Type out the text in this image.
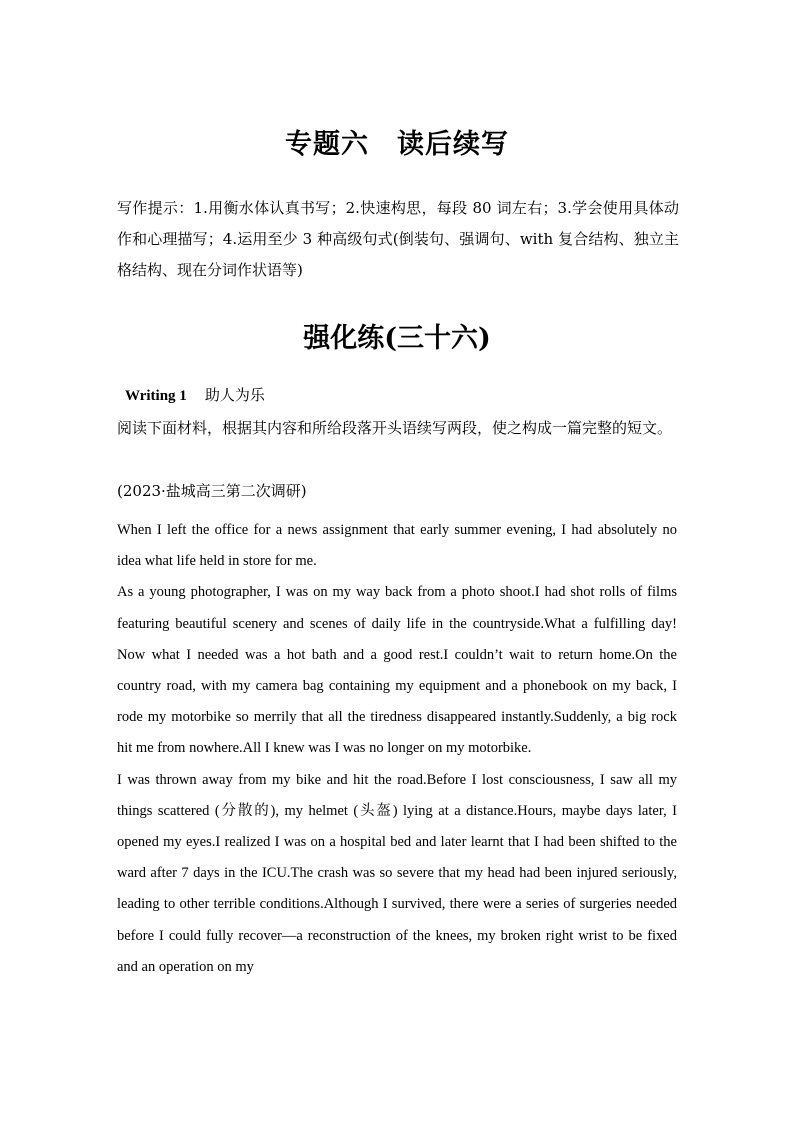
专题六　读后续写
写作提示：1.用衡水体认真书写；2.快速构思，每段 80 词左右；3.学会使用具体动作和心理描写；4.运用至少 3 种高级句式(倒装句、强调句、with 复合结构、独立主格结构、现在分词作状语等)
强化练(三十六)
Writing 1 助人为乐
阅读下面材料，根据其内容和所给段落开头语续写两段，使之构成一篇完整的短文。
(2023·盐城高三第二次调研)

When I left the office for a news assignment that early summer evening, I had absolutely no idea what life held in store for me.

As a young photographer, I was on my way back from a photo shoot.I had shot rolls of films featuring beautiful scenery and scenes of daily life in the countryside.What a fulfilling day! Now what I needed was a hot bath and a good rest.I couldn’t wait to return home.On the country road, with my camera bag containing my equipment and a phonebook on my back, I rode my motorbike so merrily that all the tiredness disappeared instantly.Suddenly, a big rock hit me from nowhere.All I knew was I was no longer on my motorbike.

I was thrown away from my bike and hit the road.Before I lost consciousness, I saw all my things scattered (分散的), my helmet (头盔) lying at a distance.Hours, maybe days later, I opened my eyes.I realized I was on a hospital bed and later learnt that I had been shifted to the ward after 7 days in the ICU.The crash was so severe that my head had been injured seriously, leading to other terrible conditions.Although I survived, there were a series of surgeries needed before I could fully recover—a reconstruction of the knees, my broken right wrist to be fixed and an operation on my
